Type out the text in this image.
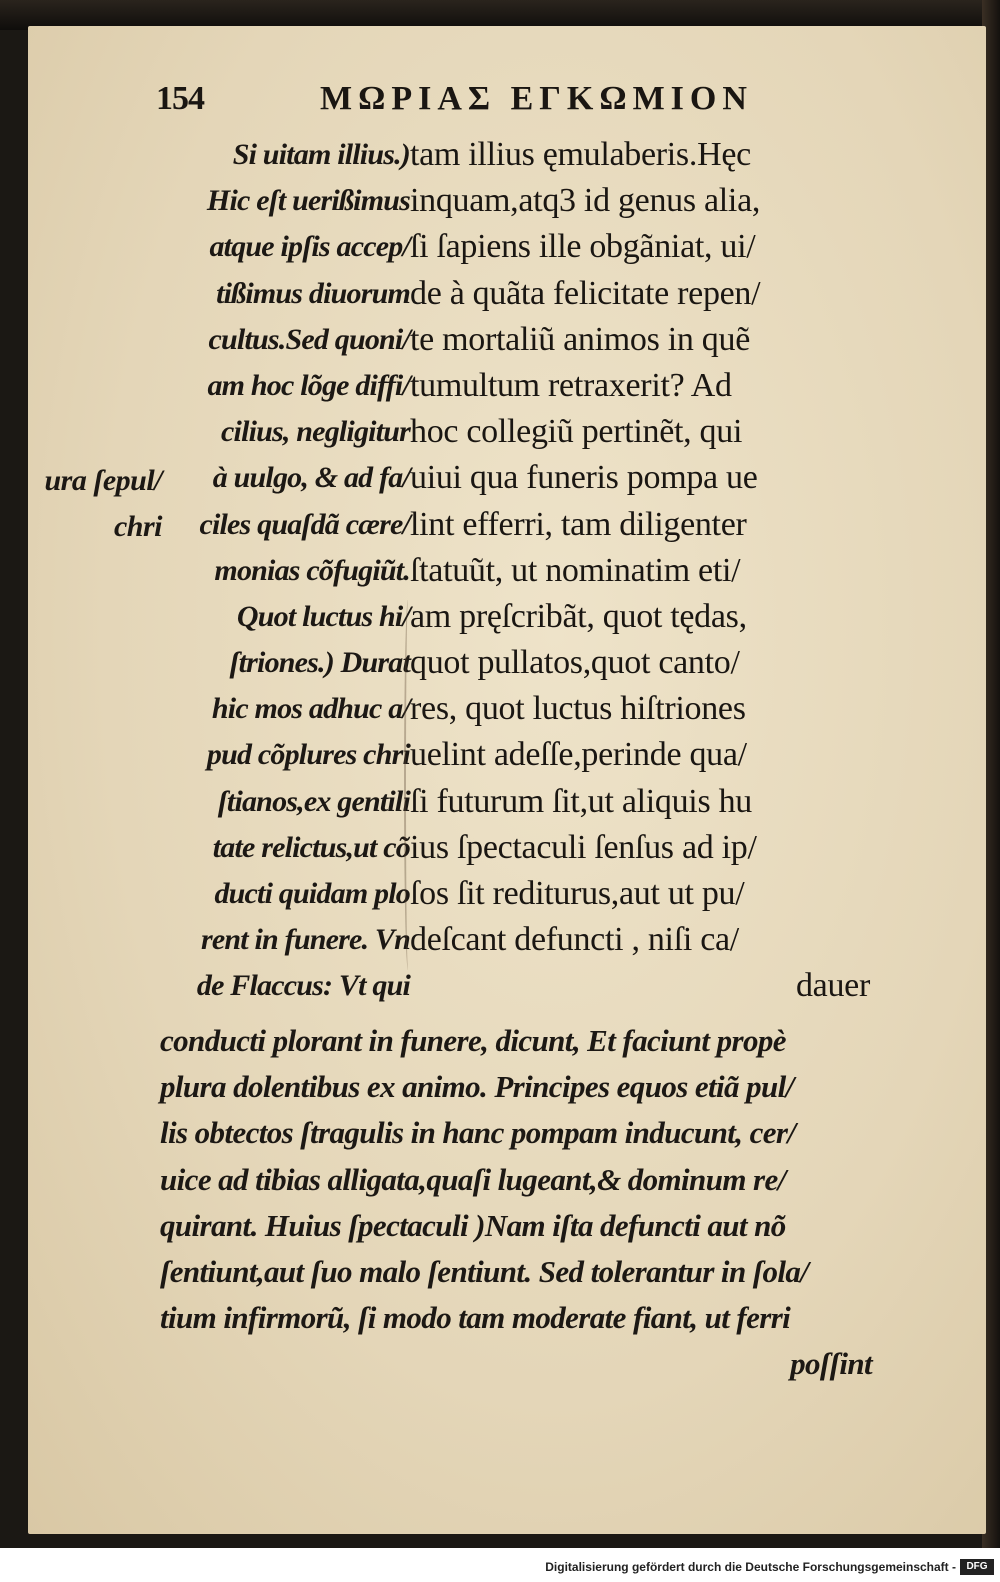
154	ΜΩΡΙΑΣ ΕΓΚΩΜΙΟΝ
ura ſepul/
chri
Si uitam illius.)
Hic eſt uerißimus
atque ipſis accep/
tißimus diuorum
cultus.Sed quoni/
am hoc lõge diffi/
cilius, negligitur
à uulgo, & ad fa/
ciles quaſdã cære/
monias cõfugiũt.
Quot luctus hi/
ſtriones.) Durat
hic mos adhuc a/
pud cõplures chri
ſtianos,ex gentili
tate relictus,ut cõ
ducti quidam plo
rent in funere. Vn
de Flaccus: Vt qui
tam illius ęmulaberis.Hęc
inquam,atq3 id genus alia,
ſi ſapiens ille obgãniat, ui/
de à quãta felicitate repen/
te mortaliũ animos in quẽ
tumultum retraxerit? Ad
hoc collegiũ pertinẽt, qui
uiui qua funeris pompa ue
lint efferri, tam diligenter
ſtatuũt, ut nominatim eti/
am pręſcribãt, quot tędas,
quot pullatos,quot canto/
res, quot luctus hiſtriones
uelint adeſſe,perinde qua/
ſi futurum ſit,ut aliquis hu
ius ſpectaculi ſenſus ad ip/
ſos ſit rediturus,aut ut pu/
deſcant defuncti , niſi ca/
dauer
conducti plorant in funere, dicunt, Et faciunt propè
plura dolentibus ex animo. Principes equos etiã pul/
lis obtectos ſtragulis in hanc pompam inducunt, cer/
uice ad tibias alligata,quaſi lugeant,& dominum re/
quirant. Huius ſpectaculi )Nam iſta defuncti aut nõ
ſentiunt,aut ſuo malo ſentiunt. Sed tolerantur in ſola/
tium infirmorũ, ſi modo tam moderate fiant, ut ferri
poſſint
Digitalisierung gefördert durch die Deutsche Forschungsgemeinschaft -	DFG
